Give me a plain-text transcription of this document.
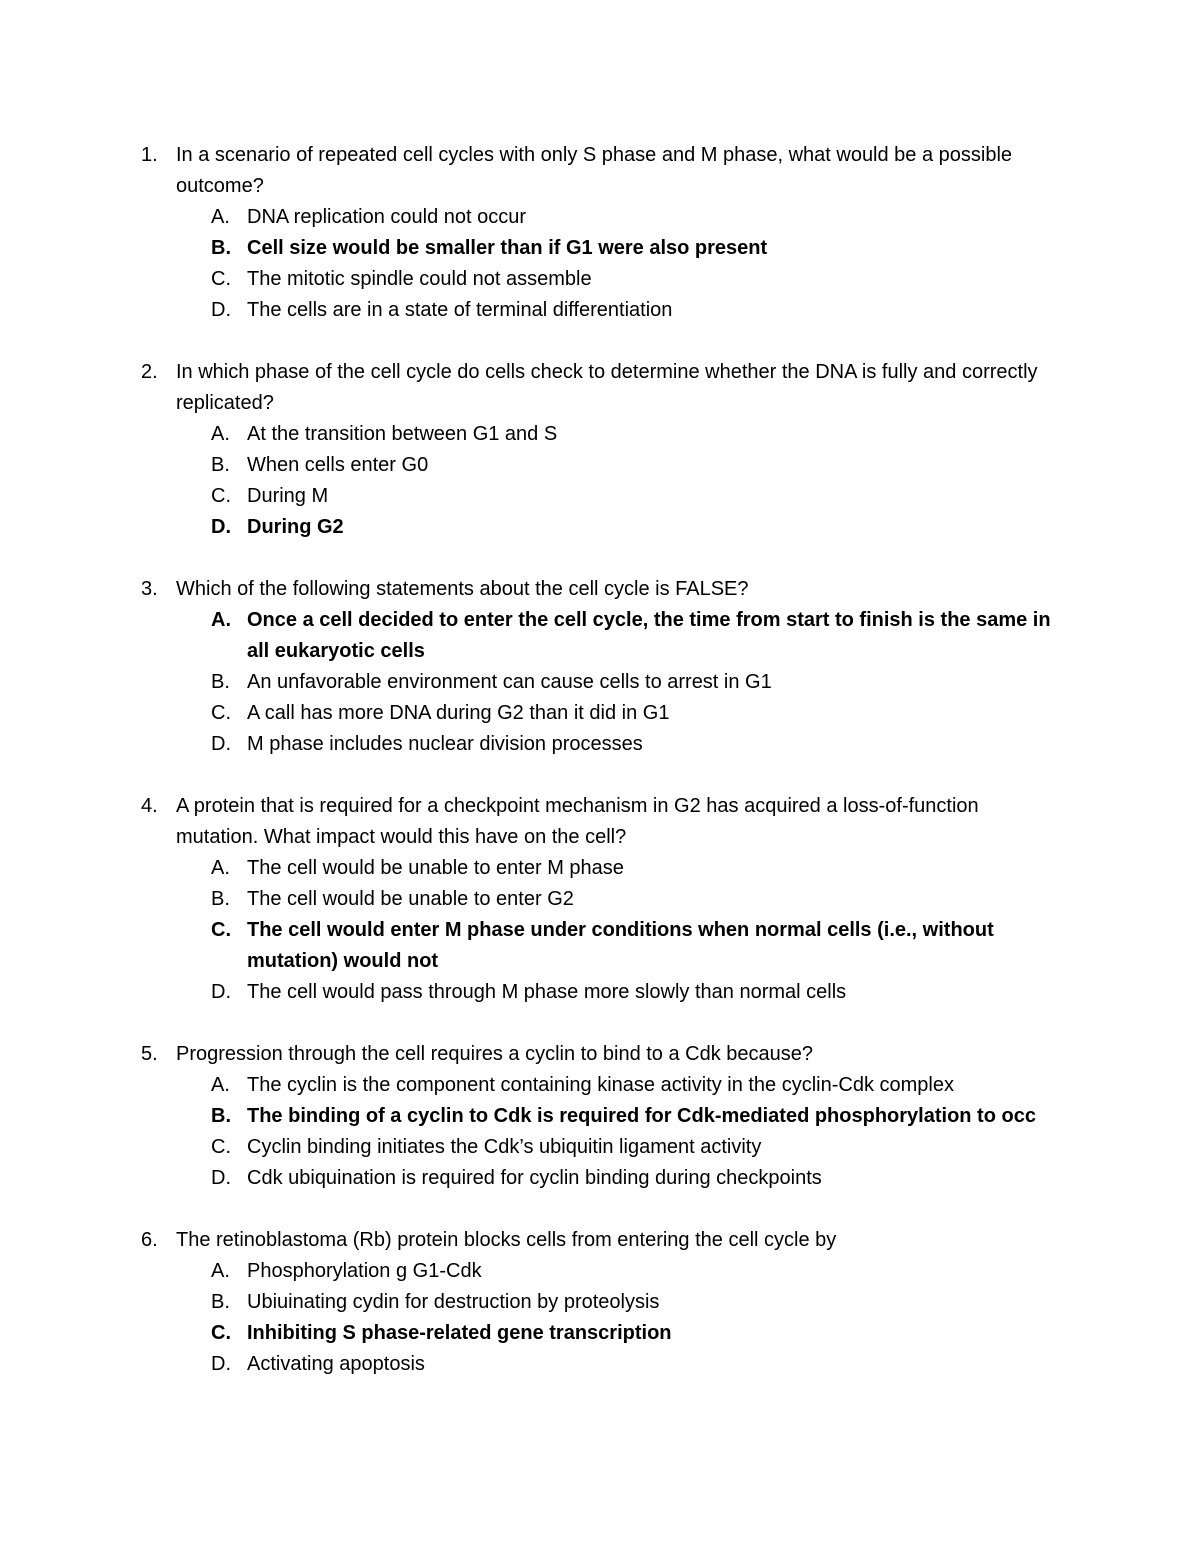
1. In a scenario of repeated cell cycles with only S phase and M phase, what would be a possible outcome?
A. DNA replication could not occur
B. Cell size would be smaller than if G1 were also present
C. The mitotic spindle could not assemble
D. The cells are in a state of terminal differentiation
2. In which phase of the cell cycle do cells check to determine whether the DNA is fully and correctly replicated?
A. At the transition between G1 and S
B. When cells enter G0
C. During M
D. During G2
3. Which of the following statements about the cell cycle is FALSE?
A. Once a cell decided to enter the cell cycle, the time from start to finish is the same in all eukaryotic cells
B. An unfavorable environment can cause cells to arrest in G1
C. A call has more DNA during G2 than it did in G1
D. M phase includes nuclear division processes
4. A protein that is required for a checkpoint mechanism in G2 has acquired a loss-of-function mutation. What impact would this have on the cell?
A. The cell would be unable to enter M phase
B. The cell would be unable to enter G2
C. The cell would enter M phase under conditions when normal cells (i.e., without mutation) would not
D. The cell would pass through M phase more slowly than normal cells
5. Progression through the cell requires a cyclin to bind to a Cdk because?
A. The cyclin is the component containing kinase activity in the cyclin-Cdk complex
B. The binding of a cyclin to Cdk is required for Cdk-mediated phosphorylation to occ
C. Cyclin binding initiates the Cdk’s ubiquitin ligament activity
D. Cdk ubiquination is required for cyclin binding during checkpoints
6. The retinoblastoma (Rb) protein blocks cells from entering the cell cycle by
A. Phosphorylation g G1-Cdk
B. Ubiuinating cydin for destruction by proteolysis
C. Inhibiting S phase-related gene transcription
D. Activating apoptosis
